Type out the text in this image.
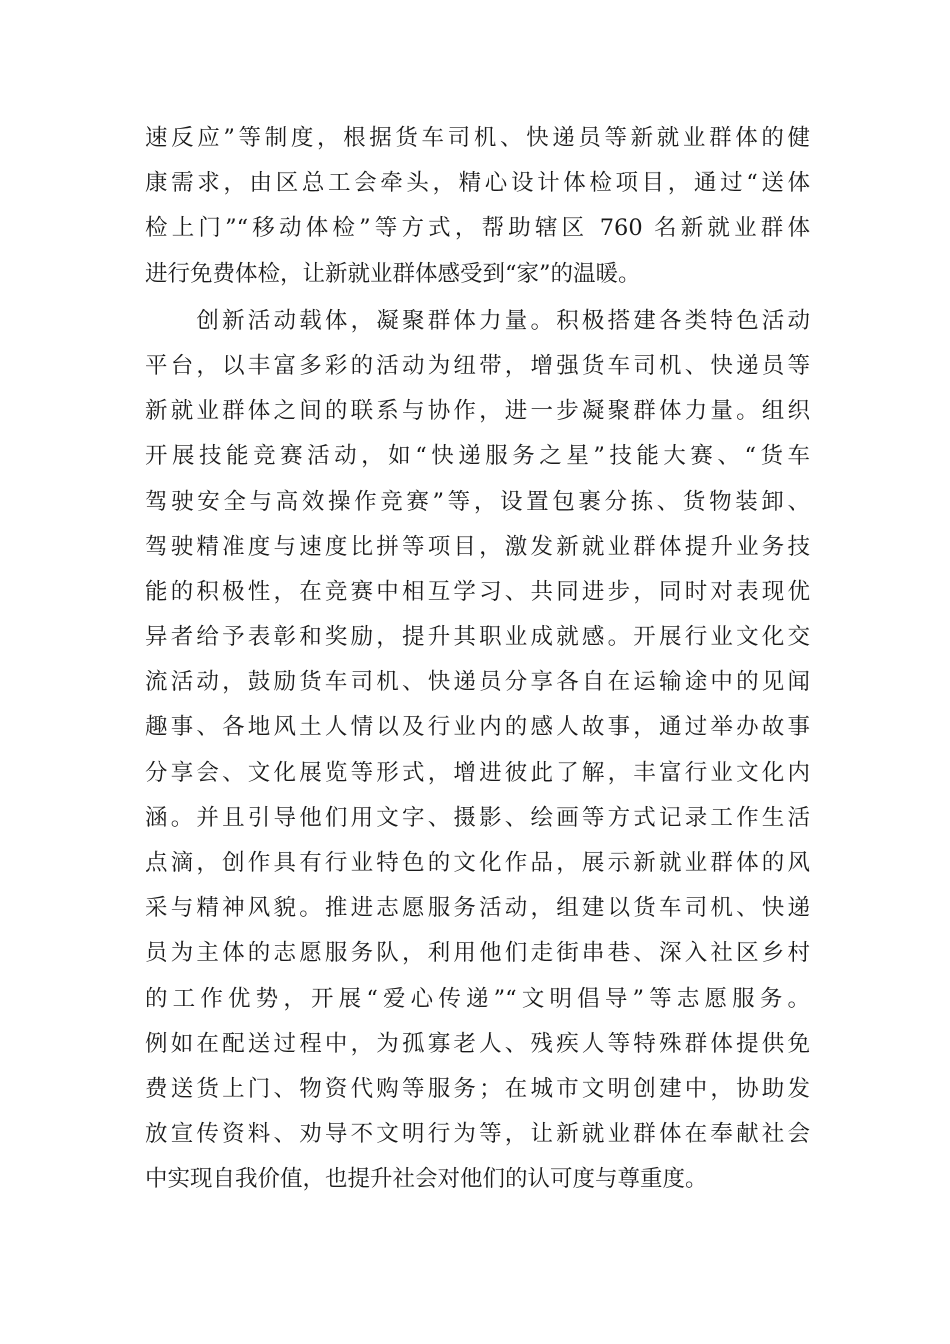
速反应”等制度，根据货车司机、快递员等新就业群体的健
康需求，由区总工会牵头，精心设计体检项目，通过“送体
检上门”“移动体检”等方式，帮助辖区 760 名新就业群体
进行免费体检，让新就业群体感受到“家”的温暖。
　　创新活动载体，凝聚群体力量。积极搭建各类特色活动
平台，以丰富多彩的活动为纽带，增强货车司机、快递员等
新就业群体之间的联系与协作，进一步凝聚群体力量。组织
开展技能竞赛活动，如“快递服务之星”技能大赛、“货车
驾驶安全与高效操作竞赛”等，设置包裹分拣、货物装卸、
驾驶精准度与速度比拼等项目，激发新就业群体提升业务技
能的积极性，在竞赛中相互学习、共同进步，同时对表现优
异者给予表彰和奖励，提升其职业成就感。开展行业文化交
流活动，鼓励货车司机、快递员分享各自在运输途中的见闻
趣事、各地风土人情以及行业内的感人故事，通过举办故事
分享会、文化展览等形式，增进彼此了解，丰富行业文化内
涵。并且引导他们用文字、摄影、绘画等方式记录工作生活
点滴，创作具有行业特色的文化作品，展示新就业群体的风
采与精神风貌。推进志愿服务活动，组建以货车司机、快递
员为主体的志愿服务队，利用他们走街串巷、深入社区乡村
的工作优势，开展“爱心传递”“文明倡导”等志愿服务。
例如在配送过程中，为孤寡老人、残疾人等特殊群体提供免
费送货上门、物资代购等服务；在城市文明创建中，协助发
放宣传资料、劝导不文明行为等，让新就业群体在奉献社会
中实现自我价值，也提升社会对他们的认可度与尊重度。
